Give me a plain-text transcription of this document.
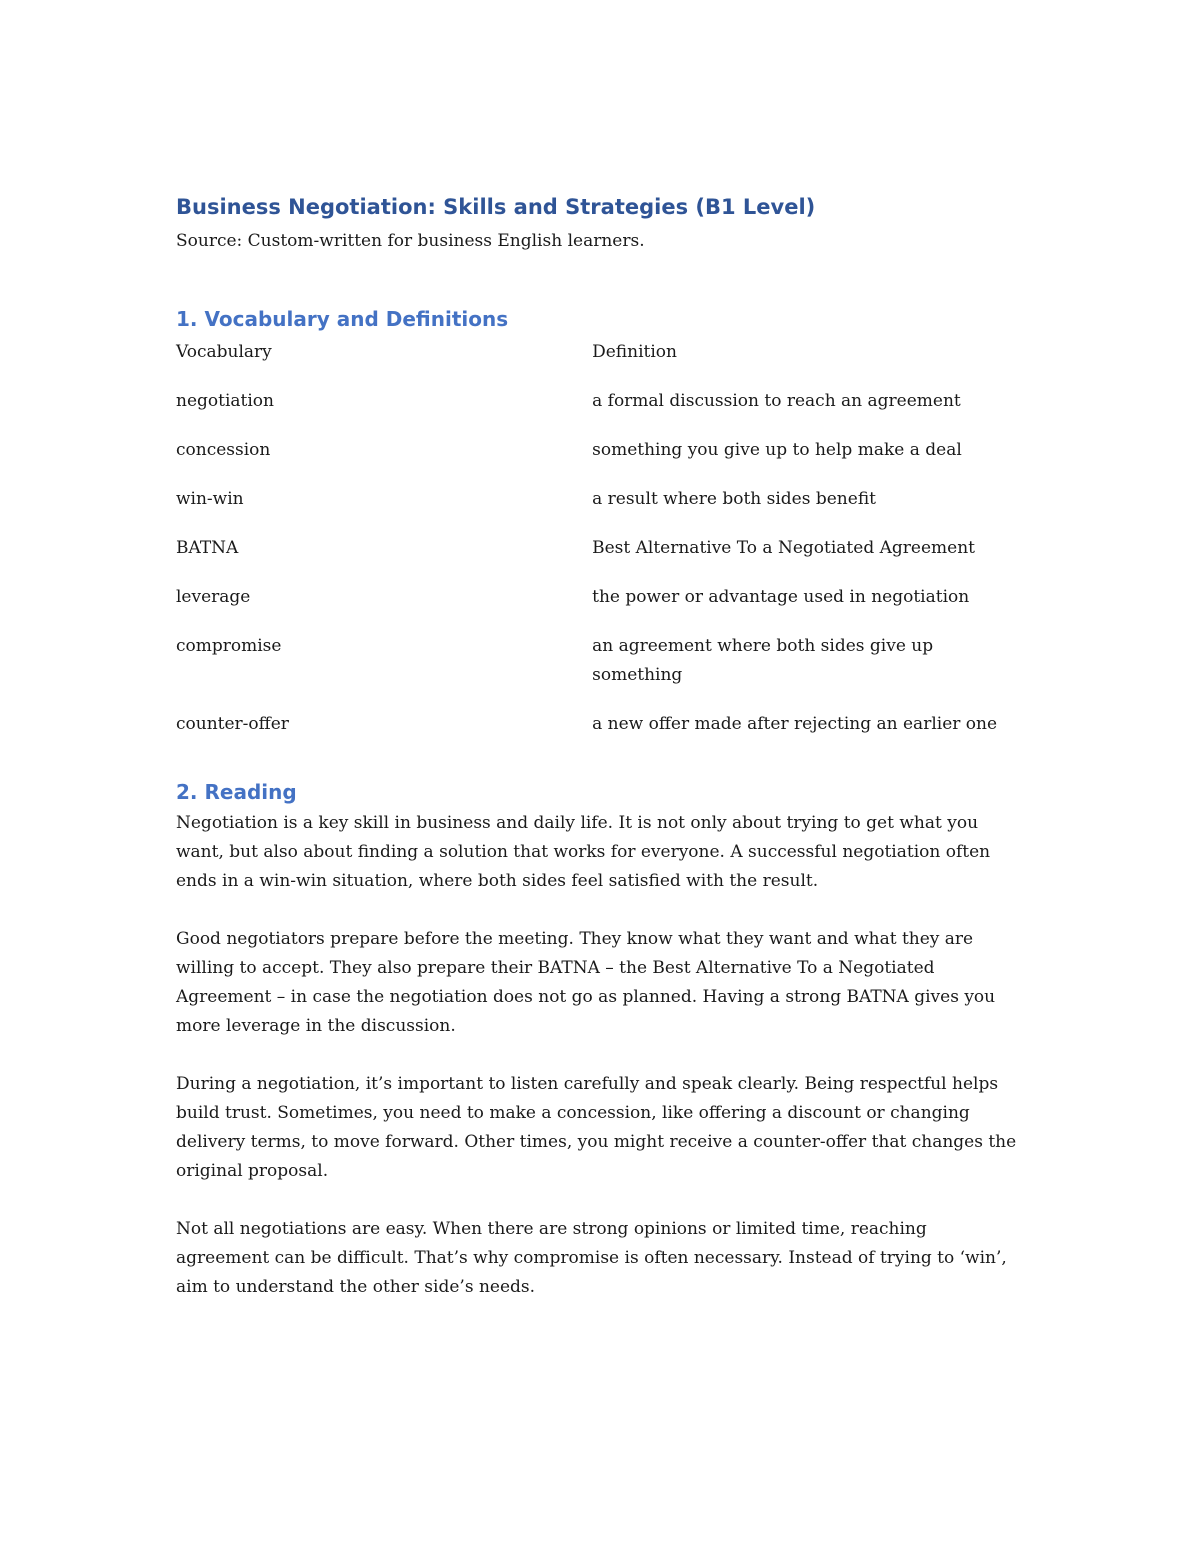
Business Negotiation: Skills and Strategies (B1 Level)

Source: Custom-written for business English learners.

1. Vocabulary and Definitions
Vocabulary	Definition
negotiation	a formal discussion to reach an agreement
concession	something you give up to help make a deal
win-win	a result where both sides benefit
BATNA	Best Alternative To a Negotiated Agreement
leverage	the power or advantage used in negotiation
compromise	an agreement where both sides give up something
counter-offer	a new offer made after rejecting an earlier one
2. Reading

Negotiation is a key skill in business and daily life. It is not only about trying to get what you want, but also about finding a solution that works for everyone. A successful negotiation often ends in a win-win situation, where both sides feel satisfied with the result.

Good negotiators prepare before the meeting. They know what they want and what they are willing to accept. They also prepare their BATNA – the Best Alternative To a Negotiated Agreement – in case the negotiation does not go as planned. Having a strong BATNA gives you more leverage in the discussion.

During a negotiation, it’s important to listen carefully and speak clearly. Being respectful helps build trust. Sometimes, you need to make a concession, like offering a discount or changing delivery terms, to move forward. Other times, you might receive a counter-offer that changes the original proposal.

Not all negotiations are easy. When there are strong opinions or limited time, reaching agreement can be difficult. That’s why compromise is often necessary. Instead of trying to ‘win’, aim to understand the other side’s needs.
